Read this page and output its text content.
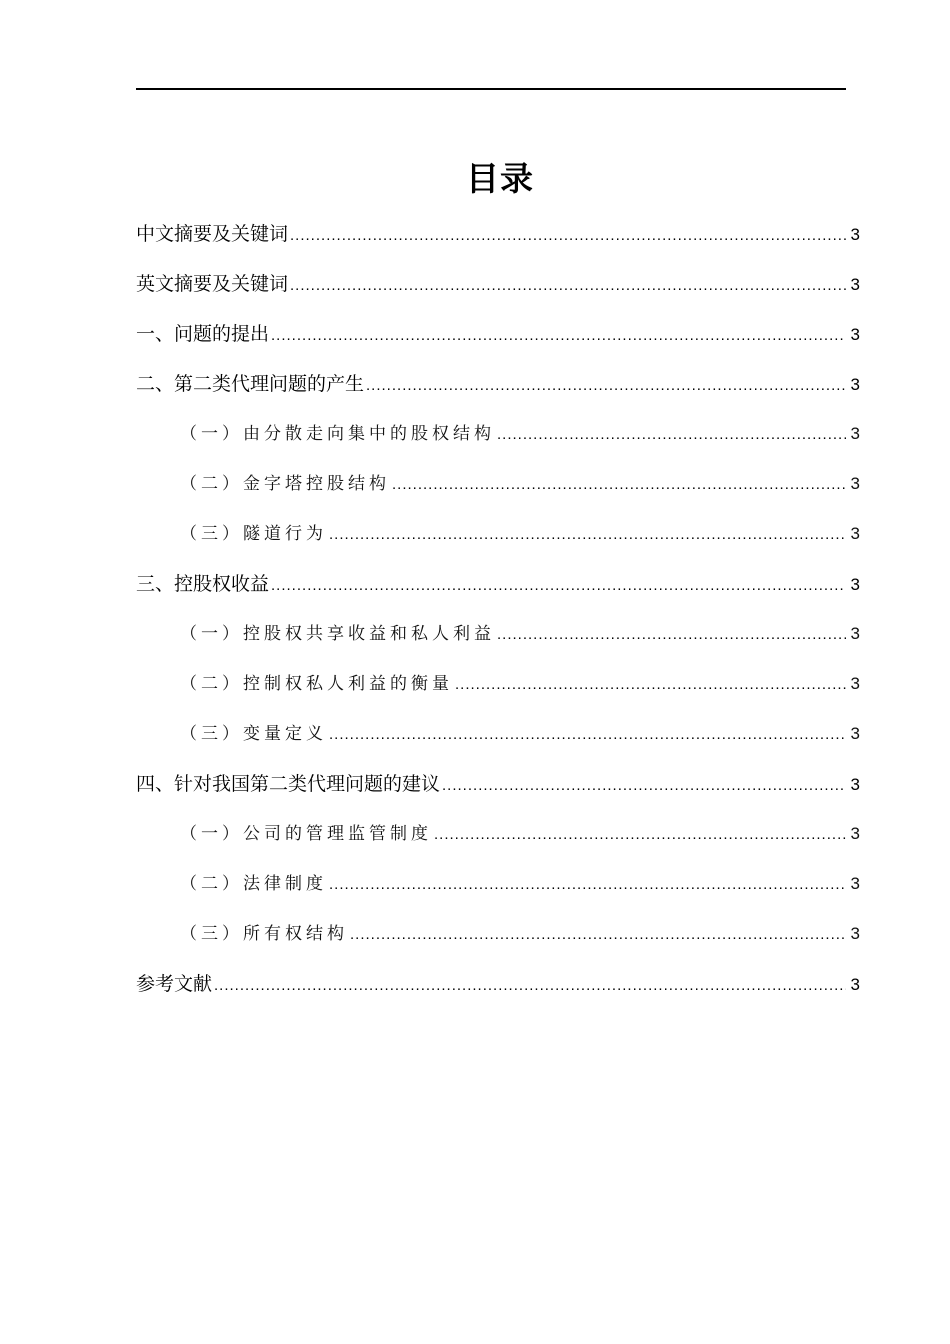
目录
中文摘要及关键词 .....	3
英文摘要及关键词 .....	3
一、问题的提出 .....	3
二、第二类代理问题的产生 .....	3
（一）由分散走向集中的股权结构 .....	3
（二）金字塔控股结构 .....	3
（三）隧道行为 .....	3
三、控股权收益 .....	3
（一）控股权共享收益和私人利益 .....	3
（二）控制权私人利益的衡量 .....	3
（三）变量定义 .....	3
四、针对我国第二类代理问题的建议 .....	3
（一）公司的管理监管制度 .....	3
（二）法律制度 .....	3
（三）所有权结构 .....	3
参考文献 .....	3
